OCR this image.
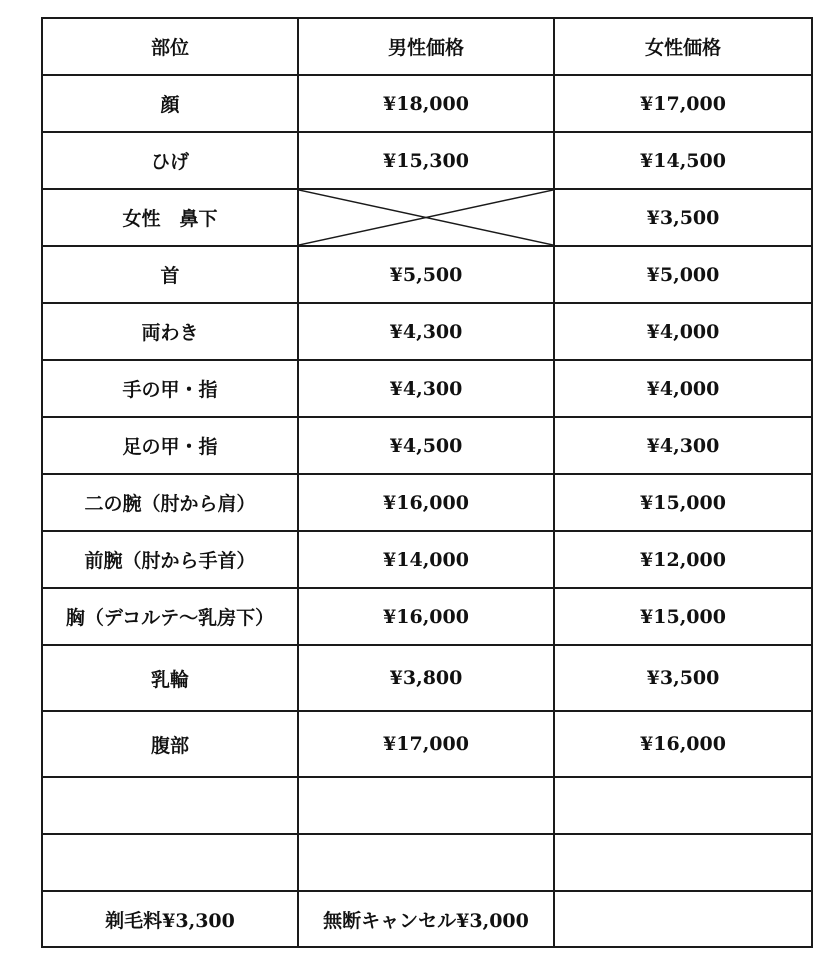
部位	男性価格	女性価格
顔	¥18,000	¥17,000
ひげ	¥15,300	¥14,500
女性　鼻下		¥3,500
首	¥5,500	¥5,000
両わき	¥4,300	¥4,000
手の甲・指	¥4,300	¥4,000
足の甲・指	¥4,500	¥4,300
二の腕（肘から肩）	¥16,000	¥15,000
前腕（肘から手首）	¥14,000	¥12,000
胸（デコルテ〜乳房下）	¥16,000	¥15,000
乳輪	¥3,800	¥3,500
腹部	¥17,000	¥16,000

剃毛料¥3,300	無断キャンセル¥3,000	
